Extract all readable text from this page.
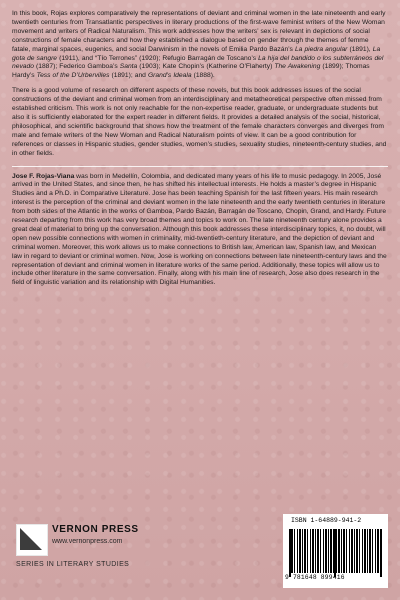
In this book, Rojas explores comparatively the representations of deviant and criminal women in the late nineteenth and early twentieth centuries from Transatlantic perspectives in literary productions of the first-wave feminist writers of the New Woman movement and writers of Radical Naturalism. This work addresses how the writers’ sex is relevant in depictions of social constructions of female characters and how they established a dialogue based on gender through the themes of femme fatale, marginal spaces, eugenics, and social Darwinism in the novels of Emilia Pardo Bazán’s La piedra angular (1891), La gota de sangre (1911), and “Tío Terrones” (1920); Refugio Barragán de Toscano’s La hija del bandido o los subterráneos del nevado (1887); Federico Gamboa’s Santa (1903); Kate Chopin’s (Katherine O’Flaherty) The Awakening (1899); Thomas Hardy’s Tess of the D’Urbervilles (1891); and Grand’s Ideala (1888).

There is a good volume of research on different aspects of these novels, but this book addresses issues of the social constructions of the deviant and criminal women from an interdisciplinary and metatheoretical perspective often missed from established criticism. This work is not only reachable for the non-expertise reader, graduate, or undergraduate students but also it is sufficiently elaborated for the expert reader in different fields. It provides a detailed analysis of the social, historical, philosophical, and scientific background that shows how the treatment of the female characters converges and diverges from male and female writers of the New Woman and Radical Naturalism points of view. It can be a good contribution for references or classes in Hispanic studies, gender studies, women’s studies, sexuality studies, nineteenth-century studies, and in other fields.

Jose F. Rojas-Viana was born in Medellín, Colombia, and dedicated many years of his life to music pedagogy. In 2005, José arrived in the United States, and since then, he has shifted his intellectual interests. He holds a master’s degree in Hispanic Studies and a Ph.D. in Comparative Literature. Jose has been teaching Spanish for the last fifteen years. His main research interest is the perception of the criminal and deviant women in the late nineteenth and the early twentieth centuries in literature from both sides of the Atlantic in the works of Gamboa, Pardo Bazán, Barragán de Toscano, Chopin, Grand, and Hardy. Future research departing from this work has very broad themes and topics to work on. The late nineteenth century alone provides a great deal of material to bring up the conversation. Although this book addresses these interdisciplinary topics, it, no doubt, will open new possible connections with women in criminality, mid-twentieth-century literature, and the depiction of deviant and criminal women. Moreover, this work allows us to make connections to British law, American law, Spanish law, and Mexican law in regard to deviant or criminal women. Now, Jose is working on connections between late nineteenth-century laws and the representation of deviant and criminal women in literature works of the same period. Additionally, these topics will allow us to include other literature in the same conversation. Finally, along with his main line of research, Jose also does research in the field of linguistic variation and its relationship with Digital Humanities.

VERNON PRESS
www.vernonpress.com
SERIES IN LITERARY STUDIES
ISBN 1-64889-941-2
9 781648 899416
